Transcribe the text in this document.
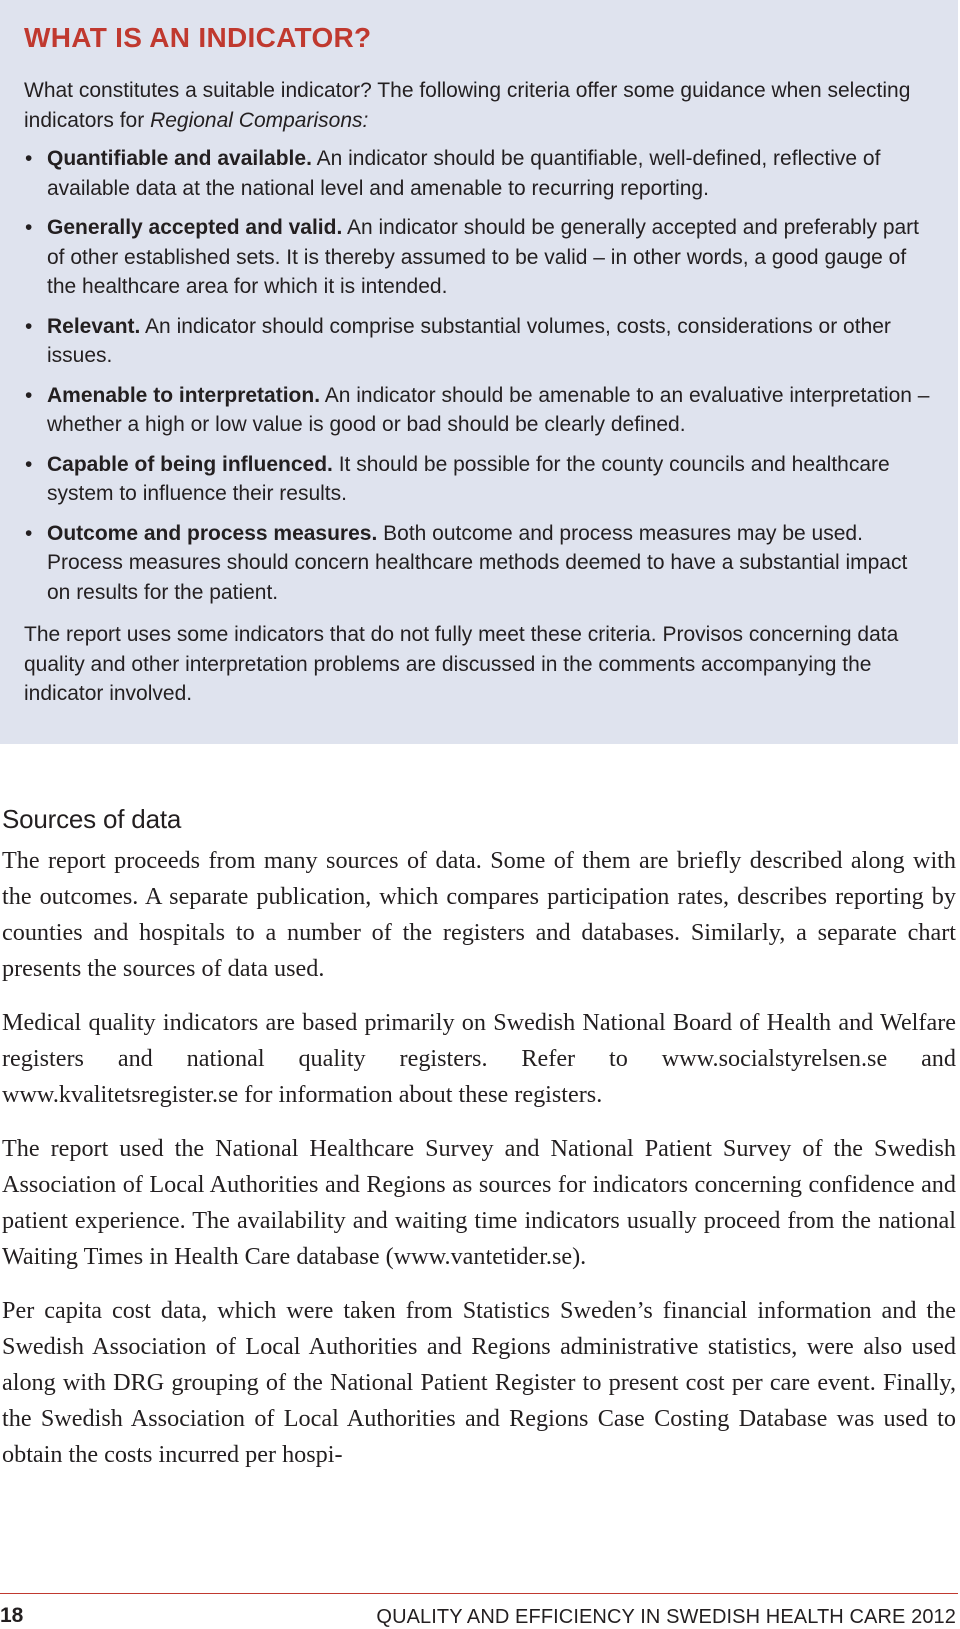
WHAT IS AN INDICATOR?

What constitutes a suitable indicator? The following criteria offer some guidance when selecting indicators for Regional Comparisons:

• Quantifiable and available. An indicator should be quantifiable, well-defined, reflective of available data at the national level and amenable to recurring reporting.
• Generally accepted and valid. An indicator should be generally accepted and preferably part of other established sets. It is thereby assumed to be valid – in other words, a good gauge of the healthcare area for which it is intended.
• Relevant. An indicator should comprise substantial volumes, costs, considerations or other issues.
• Amenable to interpretation. An indicator should be amenable to an evaluative interpretation – whether a high or low value is good or bad should be clearly defined.
• Capable of being influenced. It should be possible for the county councils and healthcare system to influence their results.
• Outcome and process measures. Both outcome and process measures may be used. Process measures should concern healthcare methods deemed to have a substantial impact on results for the patient.

The report uses some indicators that do not fully meet these criteria. Provisos concerning data quality and other interpretation problems are discussed in the comments accompanying the indicator involved.

Sources of data

The report proceeds from many sources of data. Some of them are briefly described along with the outcomes. A separate publication, which compares participation rates, describes reporting by counties and hospitals to a number of the registers and databases. Similarly, a separate chart presents the sources of data used.

Medical quality indicators are based primarily on Swedish National Board of Health and Welfare registers and national quality registers. Refer to www.socialstyrelsen.se and www.kvalitetsregister.se for information about these registers.

The report used the National Healthcare Survey and National Patient Survey of the Swedish Association of Local Authorities and Regions as sources for indicators concerning confidence and patient experience. The availability and waiting time indicators usually proceed from the national Waiting Times in Health Care database (www.vantetider.se).

Per capita cost data, which were taken from Statistics Sweden’s financial information and the Swedish Association of Local Authorities and Regions administrative statistics, were also used along with DRG grouping of the National Patient Register to present cost per care event. Finally, the Swedish Association of Local Authorities and Regions Case Costing Database was used to obtain the costs incurred per hospi-

18	QUALITY AND EFFICIENCY IN SWEDISH HEALTH CARE 2012
